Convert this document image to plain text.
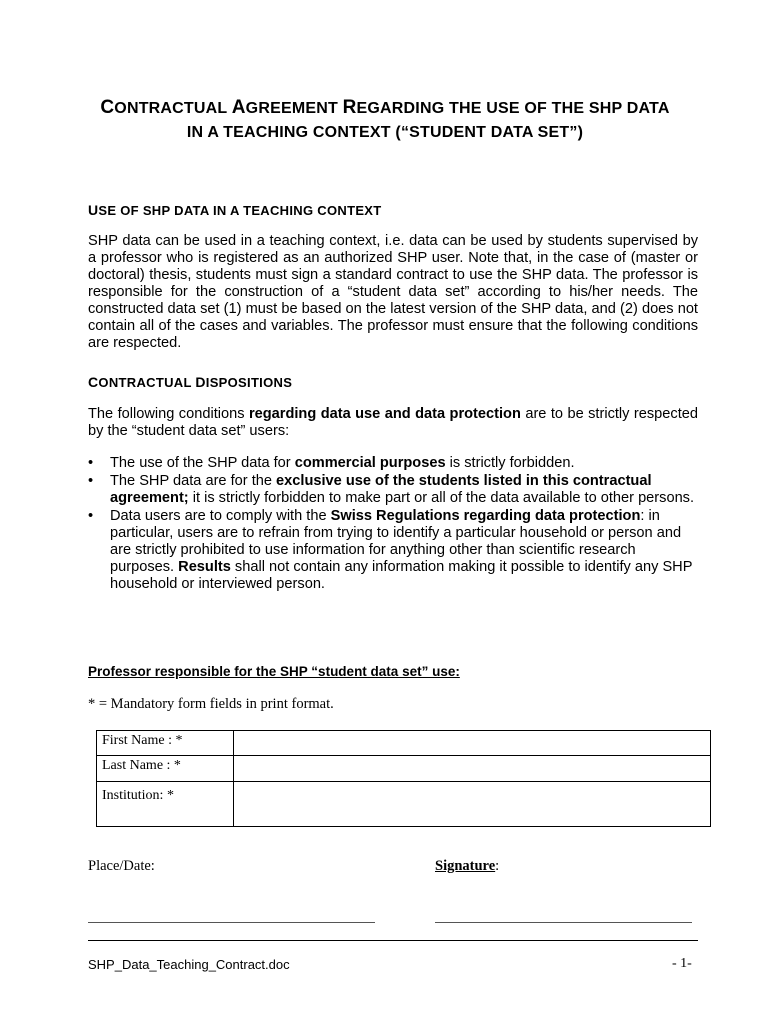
CONTRACTUAL AGREEMENT REGARDING THE USE OF THE SHP DATA
IN A TEACHING CONTEXT (“STUDENT DATA SET”)
USE OF SHP DATA IN A TEACHING CONTEXT
SHP data can be used in a teaching context, i.e. data can be used by students supervised by a professor who is registered as an authorized SHP user. Note that, in the case of (master or doctoral) thesis, students must sign a standard contract to use the SHP data. The professor is responsible for the construction of a “student data set” according to his/her needs. The constructed data set (1) must be based on the latest version of the SHP data, and (2) does not contain all of the cases and variables. The professor must ensure that the following conditions are respected.
CONTRACTUAL DISPOSITIONS
The following conditions regarding data use and data protection are to be strictly respected by the “student data set” users:
• The use of the SHP data for commercial purposes is strictly forbidden.
• The SHP data are for the exclusive use of the students listed in this contractual agreement; it is strictly forbidden to make part or all of the data available to other persons.
• Data users are to comply with the Swiss Regulations regarding data protection: in particular, users are to refrain from trying to identify a particular household or person and are strictly prohibited to use information for anything other than scientific research purposes. Results shall not contain any information making it possible to identify any SHP household or interviewed person.
Professor responsible for the SHP “student data set” use:
* = Mandatory form fields in print format.
First Name : *	
Last Name : *	
Institution: *	
Place/Date:	Signature:
SHP_Data_Teaching_Contract.doc	- 1-
